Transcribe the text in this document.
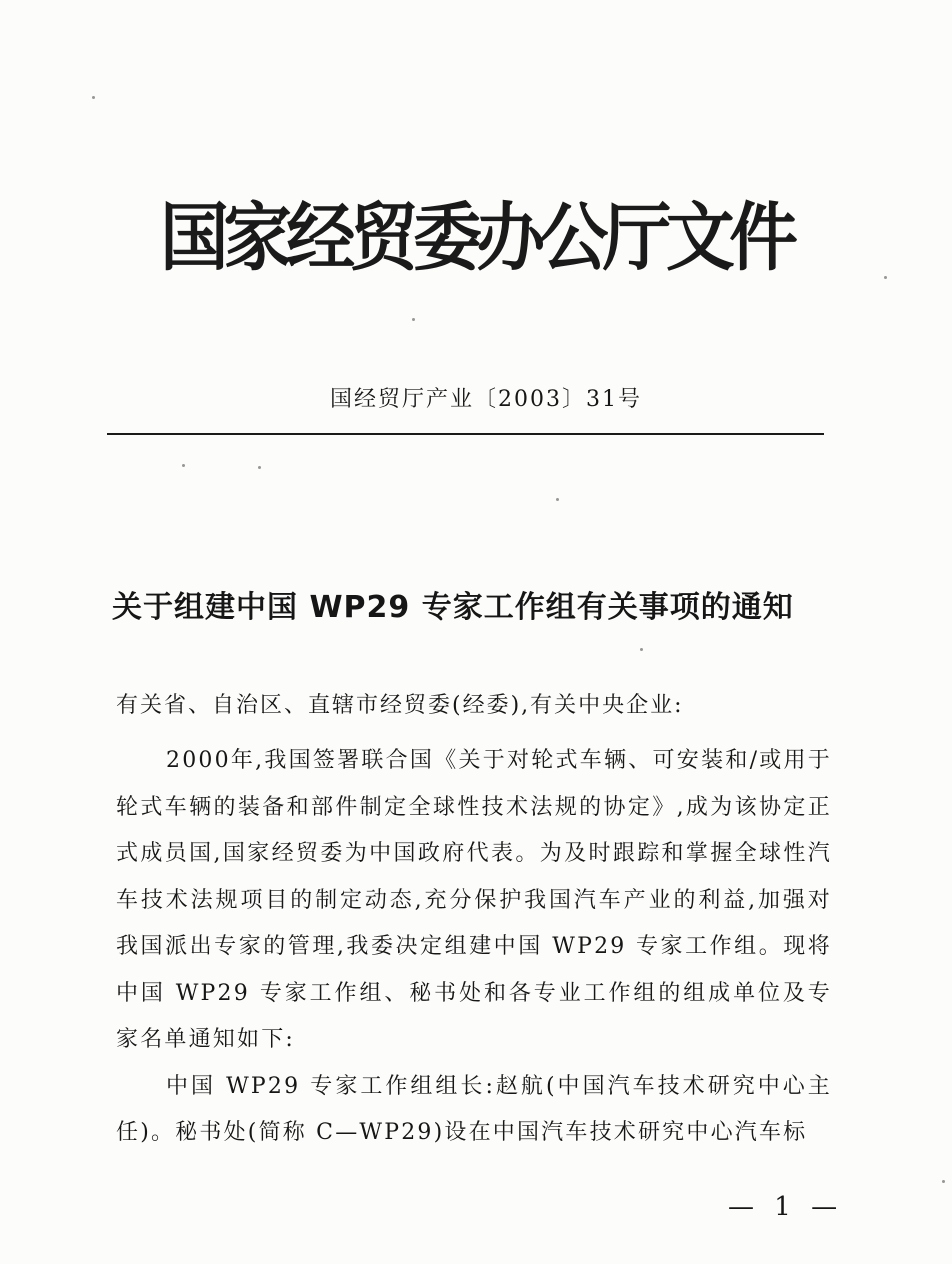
国家经贸委办公厅文件
国经贸厅产业〔2003〕31号
关于组建中国 WP29 专家工作组有关事项的通知
有关省、自治区、直辖市经贸委(经委),有关中央企业:

2000年,我国签署联合国《关于对轮式车辆、可安装和/或用于轮式车辆的装备和部件制定全球性技术法规的协定》,成为该协定正式成员国,国家经贸委为中国政府代表。为及时跟踪和掌握全球性汽车技术法规项目的制定动态,充分保护我国汽车产业的利益,加强对我国派出专家的管理,我委决定组建中国 WP29 专家工作组。现将中国 WP29 专家工作组、秘书处和各专业工作组的组成单位及专家名单通知如下:

中国 WP29 专家工作组组长:赵航(中国汽车技术研究中心主任)。秘书处(简称 C—WP29)设在中国汽车技术研究中心汽车标

— 1 —
